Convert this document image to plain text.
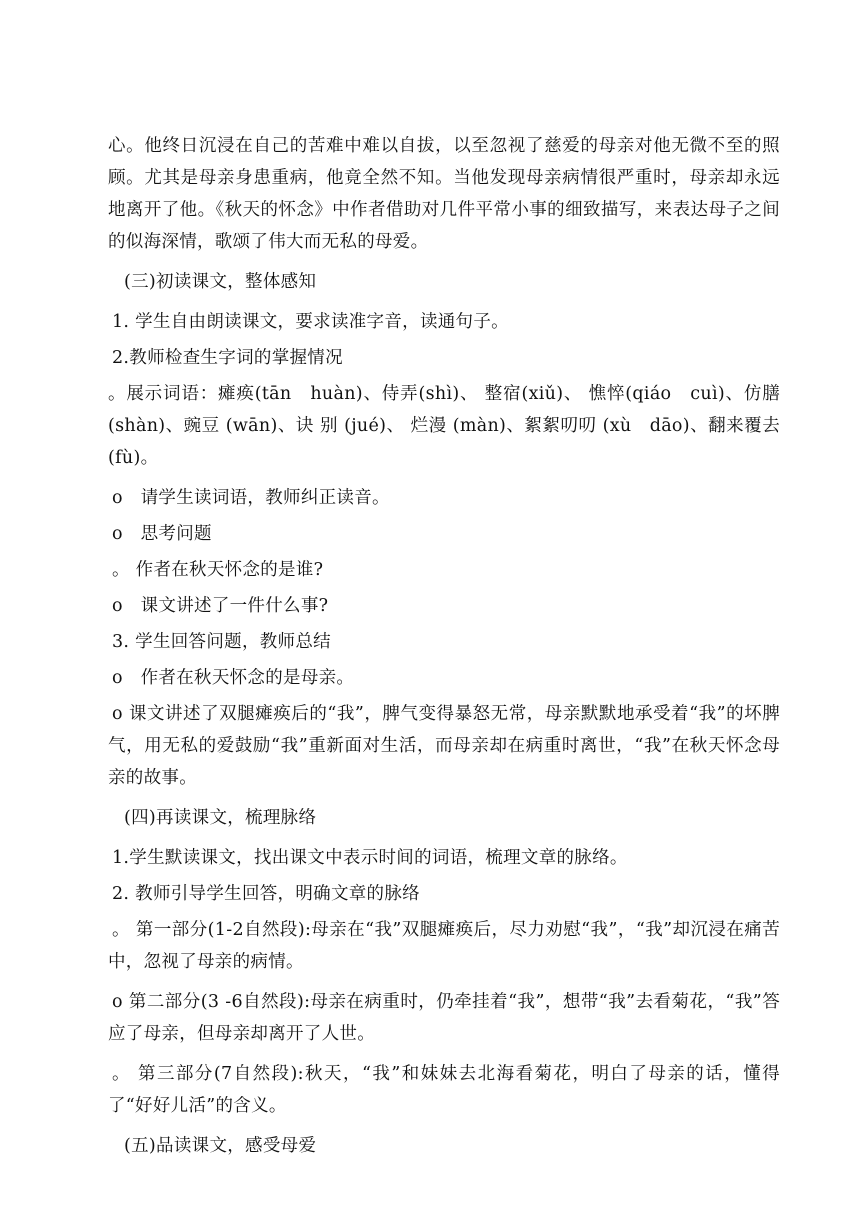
心。他终日沉浸在自己的苦难中难以自拔，以至忽视了慈爱的母亲对他无微不至的照顾。尤其是母亲身患重病，他竟全然不知。当他发现母亲病情很严重时，母亲却永远地离开了他。《秋天的怀念》中作者借助对几件平常小事的细致描写，来表达母子之间的似海深情，歌颂了伟大而无私的母爱。

(三)初读课文，整体感知

1. 学生自由朗读课文，要求读准字音，读通句子。

2.教师检查生字词的掌握情况

。展示词语：瘫痪(tān　huàn)、侍弄(shì)、 整宿(xiǔ)、 憔悴(qiáo　cuì)、仿膳(shàn)、豌豆 (wān)、诀 别 (jué)、 烂漫 (màn)、絮絮叨叨 (xù　dāo)、翻来覆去 (fù)。

o　请学生读词语，教师纠正读音。

o　思考问题

。 作者在秋天怀念的是谁?

o　课文讲述了一件什么事?

3. 学生回答问题，教师总结

o　作者在秋天怀念的是母亲。

o 课文讲述了双腿瘫痪后的“我”，脾气变得暴怒无常，母亲默默地承受着“我”的坏脾气，用无私的爱鼓励“我”重新面对生活，而母亲却在病重时离世，“我”在秋天怀念母亲的故事。

(四)再读课文，梳理脉络

1.学生默读课文，找出课文中表示时间的词语，梳理文章的脉络。

2. 教师引导学生回答，明确文章的脉络

。 第一部分(1-2自然段):母亲在“我”双腿瘫痪后，尽力劝慰“我”，“我”却沉浸在痛苦中，忽视了母亲的病情。

o 第二部分(3 -6自然段):母亲在病重时，仍牵挂着“我”，想带“我”去看菊花，“我”答应了母亲，但母亲却离开了人世。

。 第三部分(7自然段):秋天，“我”和妹妹去北海看菊花，明白了母亲的话，懂得了“好好儿活”的含义。

(五)品读课文，感受母爱
